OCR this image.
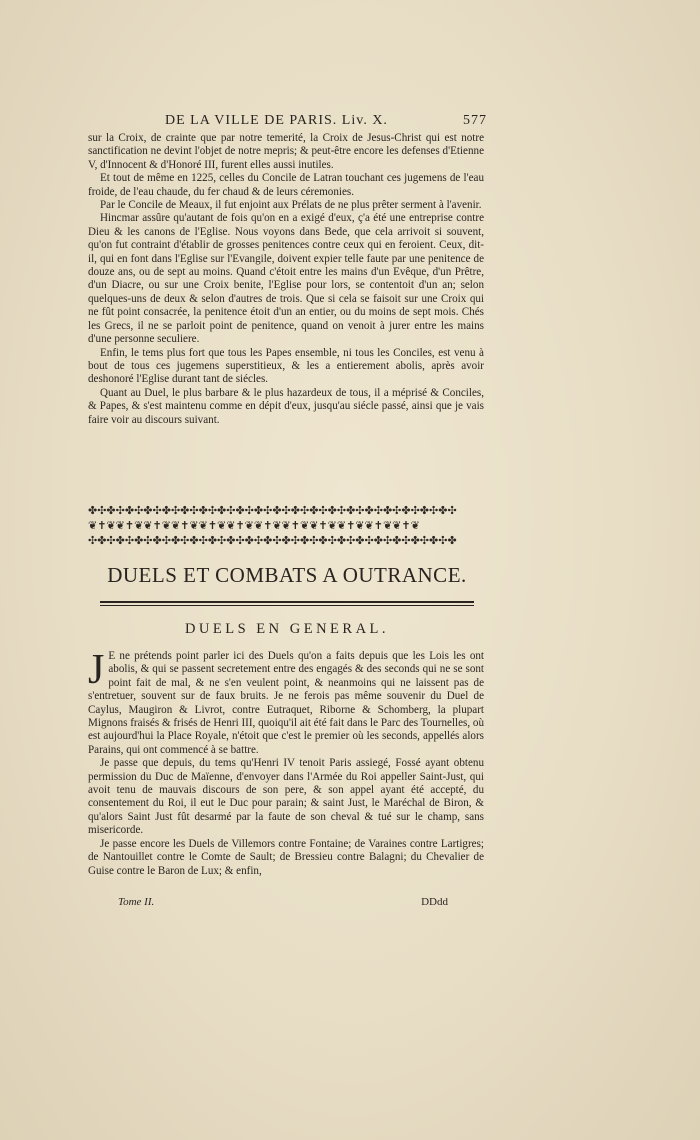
DE LA VILLE DE PARIS. Liv. X.	577

sur la Croix, de crainte que par notre temerité, la Croix de Jesus-Christ qui est notre sanctification ne devint l'objet de notre mepris; & peut-être encore les defenses d'Etienne V, d'Innocent & d'Honoré III, furent elles aussi inutiles.

Et tout de même en 1225, celles du Concile de Latran touchant ces jugemens de l'eau froide, de l'eau chaude, du fer chaud & de leurs céremonies.

Par le Concile de Meaux, il fut enjoint aux Prélats de ne plus prêter serment à l'avenir.

Hincmar assûre qu'autant de fois qu'on en a exigé d'eux, ç'a été une entreprise contre Dieu & les canons de l'Eglise. Nous voyons dans Bede, que cela arrivoit si souvent, qu'on fut contraint d'établir de grosses penitences contre ceux qui en feroient. Ceux, dit-il, qui en font dans l'Eglise sur l'Evangile, doivent expier telle faute par une penitence de douze ans, ou de sept au moins. Quand c'étoit entre les mains d'un Evêque, d'un Prêtre, d'un Diacre, ou sur une Croix benite, l'Eglise pour lors, se contentoit d'un an; selon quelques-uns de deux & selon d'autres de trois. Que si cela se faisoit sur une Croix qui ne fût point consacrée, la penitence étoit d'un an entier, ou du moins de sept mois. Chés les Grecs, il ne se parloit point de penitence, quand on venoit à jurer entre les mains d'une personne seculiere.

Enfin, le tems plus fort que tous les Papes ensemble, ni tous les Conciles, est venu à bout de tous ces jugemens superstitieux, & les a entierement abolis, après avoir deshonoré l'Eglise durant tant de siécles.

Quant au Duel, le plus barbare & le plus hazardeux de tous, il a méprisé & Conciles, & Papes, & s'est maintenu comme en dépit d'eux, jusqu'au siécle passé, ainsi que je vais faire voir au discours suivant.

✤✣✤✣✤✣✤✣✤✣✤✣✤✣✤✣✤✣✤✣✤✣✤✣✤✣✤✣✤✣✤✣✤✣✤✣✤✣✤✣
❦✝❦❦✝❦❦✝❦❦✝❦❦✝❦❦✝❦❦✝❦❦✝❦❦✝❦❦✝❦❦✝❦❦✝❦
✣✤✣✤✣✤✣✤✣✤✣✤✣✤✣✤✣✤✣✤✣✤✣✤✣✤✣✤✣✤✣✤✣✤✣✤✣✤✣✤
DUELS ET COMBATS A OUTRANCE.
DUELS EN GENERAL.
J E ne prétends point parler ici des Duels qu'on a faits depuis que les Lois les ont abolis, & qui se passent secretement entre des engagés & des seconds qui ne se sont point fait de mal, & ne s'en veulent point, & neanmoins qui ne laissent pas de s'entretuer, souvent sur de faux bruits. Je ne ferois pas même souvenir du Duel de Caylus, Maugiron & Livrot, contre Eutraquet, Riborne & Schomberg, la plupart Mignons fraisés & frisés de Henri III, quoiqu'il ait été fait dans le Parc des Tournelles, où est aujourd'hui la Place Royale, n'étoit que c'est le premier où les seconds, appellés alors Parains, qui ont commencé à se battre.

Je passe que depuis, du tems qu'Henri IV tenoit Paris assiegé, Fossé ayant obtenu permission du Duc de Maïenne, d'envoyer dans l'Armée du Roi appeller Saint-Just, qui avoit tenu de mauvais discours de son pere, & son appel ayant été accepté, du consentement du Roi, il eut le Duc pour parain; & saint Just, le Maréchal de Biron, & qu'alors Saint Just fût desarmé par la faute de son cheval & tué sur le champ, sans misericorde.

Je passe encore les Duels de Villemors contre Fontaine; de Varaines contre Lartigres; de Nantouillet contre le Comte de Sault; de Bressieu contre Balagni; du Chevalier de Guise contre le Baron de Lux; & enfin,

Tome II.	DDdd
